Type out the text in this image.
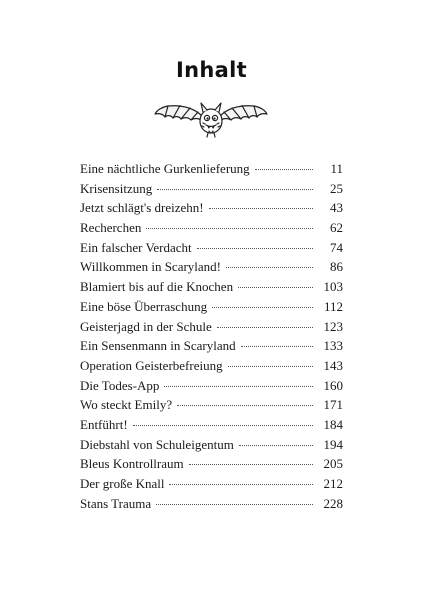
Inhalt
Eine nächtliche Gurkenlieferung	11
Krisensitzung	25
Jetzt schlägt's dreizehn!	43
Recherchen	62
Ein falscher Verdacht	74
Willkommen in Scaryland!	86
Blamiert bis auf die Knochen	103
Eine böse Überraschung	112
Geisterjagd in der Schule	123
Ein Sensenmann in Scaryland	133
Operation Geisterbefreiung	143
Die Todes-App	160
Wo steckt Emily?	171
Entführt!	184
Diebstahl von Schuleigentum	194
Bleus Kontrollraum	205
Der große Knall	212
Stans Trauma	228
